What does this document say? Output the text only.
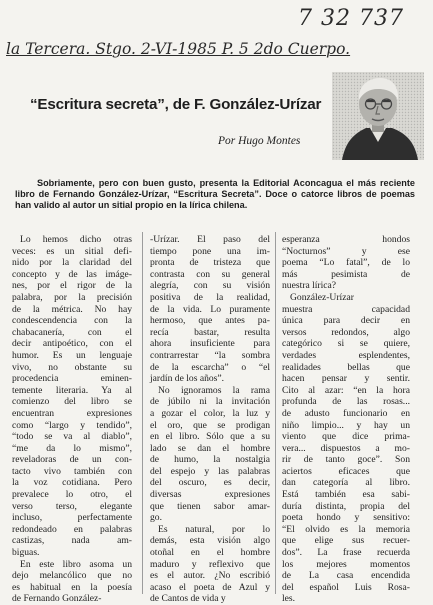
7 32 737
la Tercera. Stgo. 2-VI-1985 P. 5 2do Cuerpo.
“Escritura secreta”, de F. González-Urízar
Por Hugo Montes

Sobriamente, pero con buen gusto, presenta la Editorial Aconcagua el más reciente libro de Fernando González-Urízar, “Escritura Secreta”. Doce o catorce libros de poemas han valido al autor un sitial propio en la lírica chilena.

Lo hemos dicho otras
veces: es un sitial defi-
nido por la claridad del
concepto y de las imáge-
nes, por el rigor de la
palabra, por la precisión
de la métrica. No hay
condescendencia con la
chabacanería, con el
decir antipoético, con el
humor. Es un lenguaje
vivo, no obstante su
procedencia eminen-
temente literaria. Ya al
comienzo del libro se
encuentran expresiones
como “largo y tendido”,
“todo se va al diablo”,
“me da lo mismo”,
reveladoras de un con-
tacto vivo también con
la voz cotidiana. Pero
prevalece lo otro, el
verso terso, elegante
incluso, perfectamente
redondeado en palabras
castizas, nada am-
biguas.
En este libro asoma un
dejo melancólico que no
es habitual en la poesía
de Fernando González-
-Urízar. El paso del
tiempo pone una im-
pronta de tristeza que
contrasta con su general
alegría, con su visión
positiva de la realidad,
de la vida. Lo puramente
hermoso, que antes pa-
recía bastar, resulta
ahora insuficiente para
contrarrestar “la sombra
de la escarcha” o “el
jardín de los años”.
No ignoramos la rama
de júbilo ni la invitación
a gozar el color, la luz y
el oro, que se prodigan
en el libro. Sólo que a su
lado se dan el hombre
de humo, la nostalgia
del espejo y las palabras
del oscuro, es decir,
diversas expresiones
que tienen sabor amar-
go.
Es natural, por lo
demás, esta visión algo
otoñal en el hombre
maduro y reflexivo que
es el autor. ¿No escribió
acaso el poeta de Azul y
de Cantos de vida y
esperanza hondos
“Nocturnos” y ese
poema “Lo fatal”, de lo
más pesimista de
nuestra lírica?
González-Urízar
muestra capacidad
única para decir en
versos redondos, algo
categórico si se quiere,
verdades esplendentes,
realidades bellas que
hacen pensar y sentir.
Cito al azar: “en la hora
profunda de las rosas...
de adusto funcionario en
niño limpio... y hay un
viento que dice prima-
vera... dispuestos a mo-
rir de tanto goce”. Son
aciertos eficaces que
dan categoría al libro.
Está también esa sabi-
duría distinta, propia del
poeta hondo y sensitivo:
“El olvido es la memoria
que elige sus recuer-
dos”. La frase recuerda
los mejores momentos
de La casa encendida
del español Luis Rosa-
les.
